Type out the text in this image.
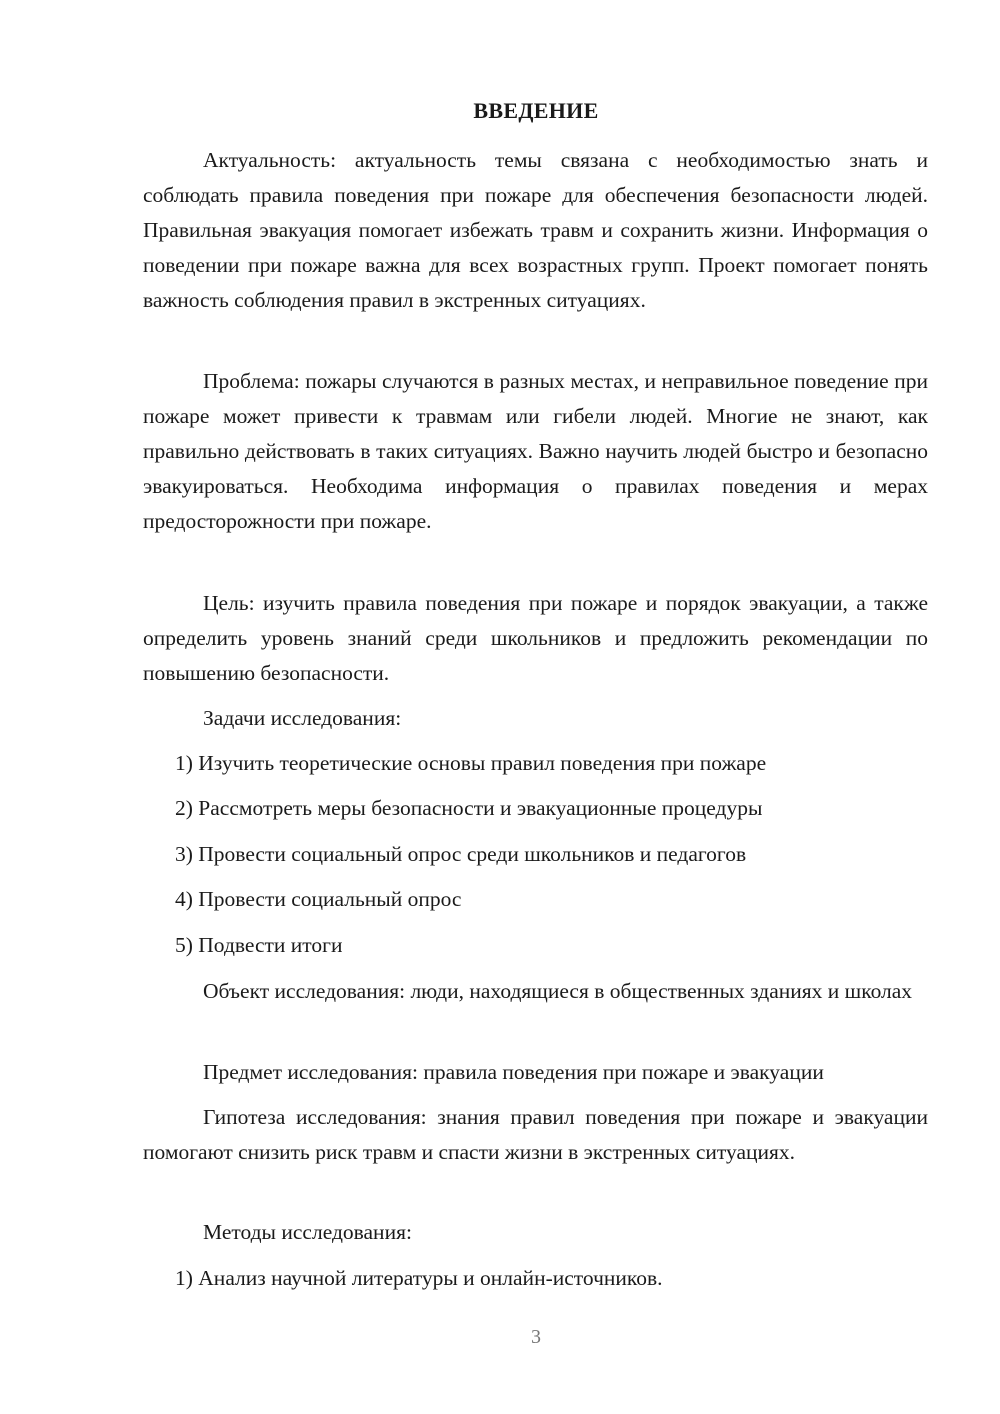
ВВЕДЕНИЕ

Актуальность: актуальность темы связана с необходимостью знать и соблюдать правила поведения при пожаре для обеспечения безопасности людей. Правильная эвакуация помогает избежать травм и сохранить жизни. Информация о поведении при пожаре важна для всех возрастных групп. Проект помогает понять важность соблюдения правил в экстренных ситуациях.

Проблема: пожары случаются в разных местах, и неправильное поведение при пожаре может привести к травмам или гибели людей. Многие не знают, как правильно действовать в таких ситуациях. Важно научить людей быстро и безопасно эвакуироваться. Необходима информация о правилах поведения и мерах предосторожности при пожаре.

Цель: изучить правила поведения при пожаре и порядок эвакуации, а также определить уровень знаний среди школьников и предложить рекомендации по повышению безопасности.

Задачи исследования:

1) Изучить теоретические основы правил поведения при пожаре

2) Рассмотреть меры безопасности и эвакуационные процедуры

3) Провести социальный опрос среди школьников и педагогов

4) Провести социальный опрос

5) Подвести итоги

Объект исследования: люди, находящиеся в общественных зданиях и школах

Предмет исследования: правила поведения при пожаре и эвакуации

Гипотеза исследования: знания правил поведения при пожаре и эвакуации помогают снизить риск травм и спасти жизни в экстренных ситуациях.

Методы исследования:

1) Анализ научной литературы и онлайн-источников.

3
